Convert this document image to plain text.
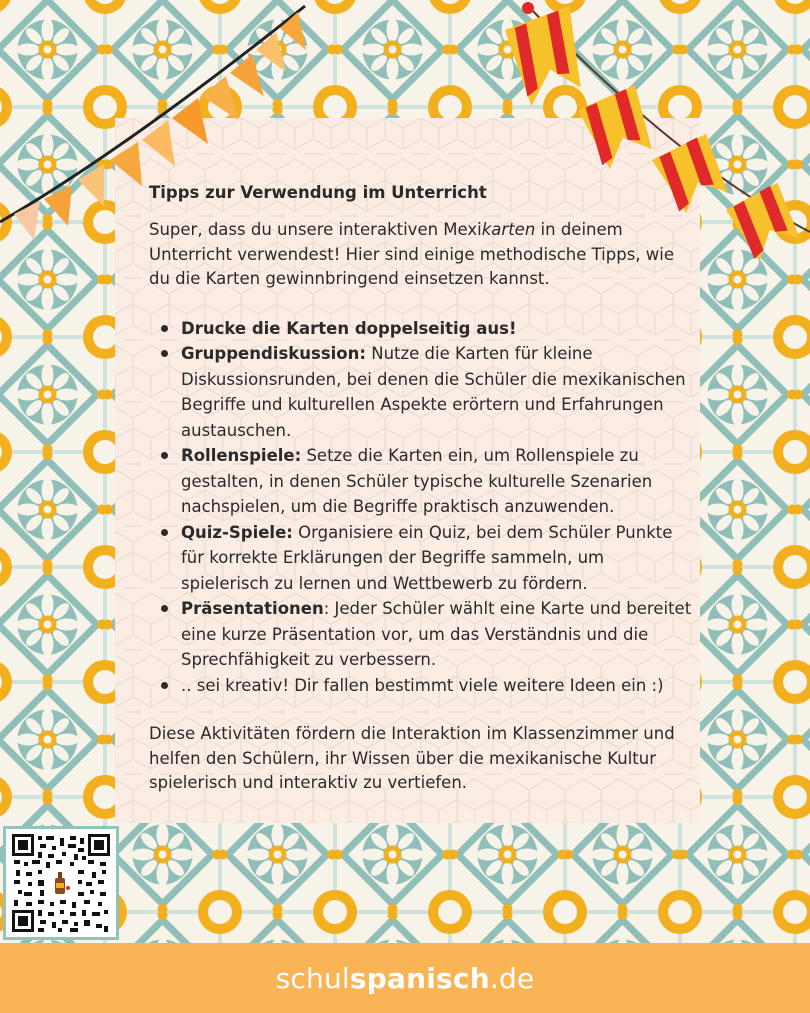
Tipps zur Verwendung im Unterricht

Super, dass du unsere interaktiven Mexikarten in deinem Unterricht verwendest! Hier sind einige methodische Tipps, wie du die Karten gewinnbringend einsetzen kannst.

Drucke die Karten doppelseitig aus!
Gruppendiskussion: Nutze die Karten für kleine Diskussionsrunden, bei denen die Schüler die mexikanischen Begriffe und kulturellen Aspekte erörtern und Erfahrungen austauschen.
Rollenspiele: Setze die Karten ein, um Rollenspiele zu gestalten, in denen Schüler typische kulturelle Szenarien nachspielen, um die Begriffe praktisch anzuwenden.
Quiz-Spiele: Organisiere ein Quiz, bei dem Schüler Punkte für korrekte Erklärungen der Begriffe sammeln, um spielerisch zu lernen und Wettbewerb zu fördern.
Präsentationen: Jeder Schüler wählt eine Karte und bereitet eine kurze Präsentation vor, um das Verständnis und die Sprechfähigkeit zu verbessern.
.. sei kreativ! Dir fallen bestimmt viele weitere Ideen ein :)

Diese Aktivitäten fördern die Interaktion im Klassenzimmer und helfen den Schülern, ihr Wissen über die mexikanische Kultur spielerisch und interaktiv zu vertiefen.

schulspanisch.de
